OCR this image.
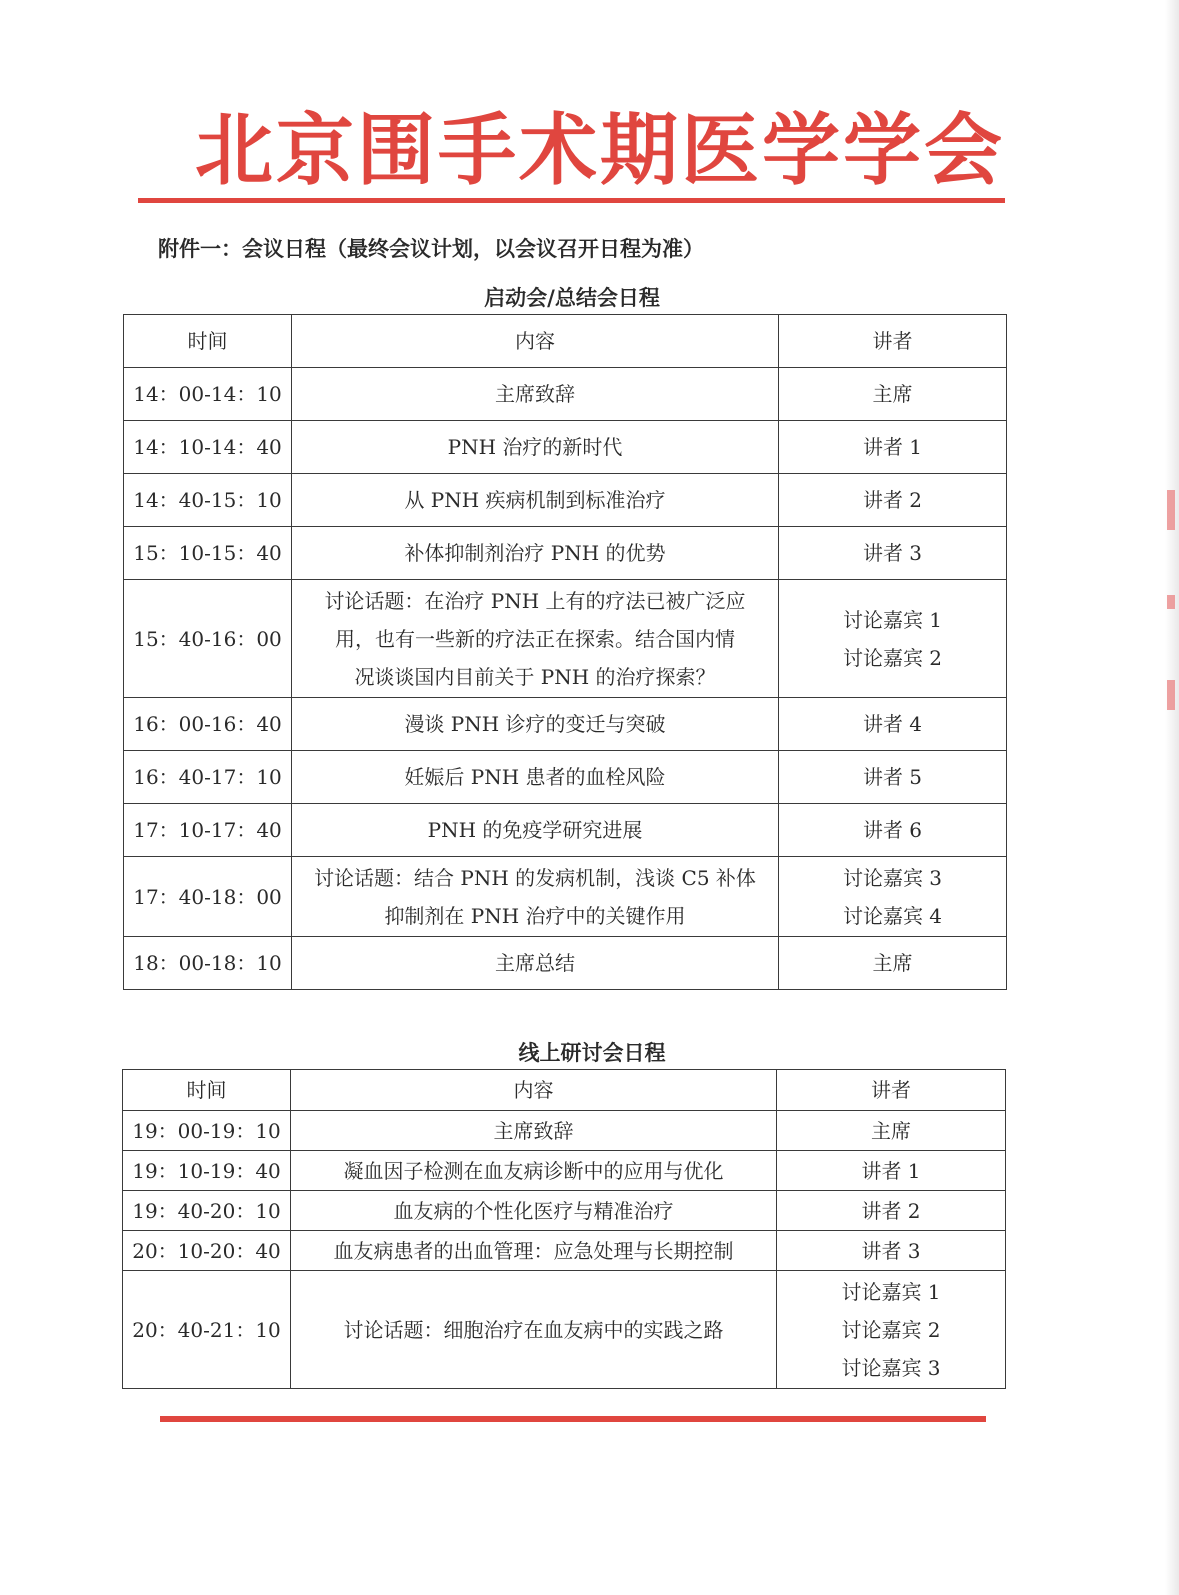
北京围手术期医学学会
附件一：会议日程（最终会议计划，以会议召开日程为准）
启动会/总结会日程
时间	内容	讲者
14：00-14：10	主席致辞	主席

14：10-14：40	PNH 治疗的新时代	讲者 1

14：40-15：10	从 PNH 疾病机制到标准治疗	讲者 2

15：10-15：40	补体抑制剂治疗 PNH 的优势	讲者 3

15：40-16：00	讨论话题：在治疗 PNH 上有的疗法已被广泛应
用，也有一些新的疗法正在探索。结合国内情
况谈谈国内目前关于 PNH 的治疗探索？	讨论嘉宾 1
讨论嘉宾 2

16：00-16：40	漫谈 PNH 诊疗的变迁与突破	讲者 4

16：40-17：10	妊娠后 PNH 患者的血栓风险	讲者 5

17：10-17：40	PNH 的免疫学研究进展	讲者 6

17：40-18：00	讨论话题：结合 PNH 的发病机制，浅谈 C5 补体
抑制剂在 PNH 治疗中的关键作用	讨论嘉宾 3
讨论嘉宾 4

18：00-18：10	主席总结	主席
线上研讨会日程
时间	内容	讲者
19：00-19：10	主席致辞	主席

19：10-19：40	凝血因子检测在血友病诊断中的应用与优化	讲者 1

19：40-20：10	血友病的个性化医疗与精准治疗	讲者 2

20：10-20：40	血友病患者的出血管理：应急处理与长期控制	讲者 3

20：40-21：10	讨论话题：细胞治疗在血友病中的实践之路	讨论嘉宾 1
讨论嘉宾 2
讨论嘉宾 3
